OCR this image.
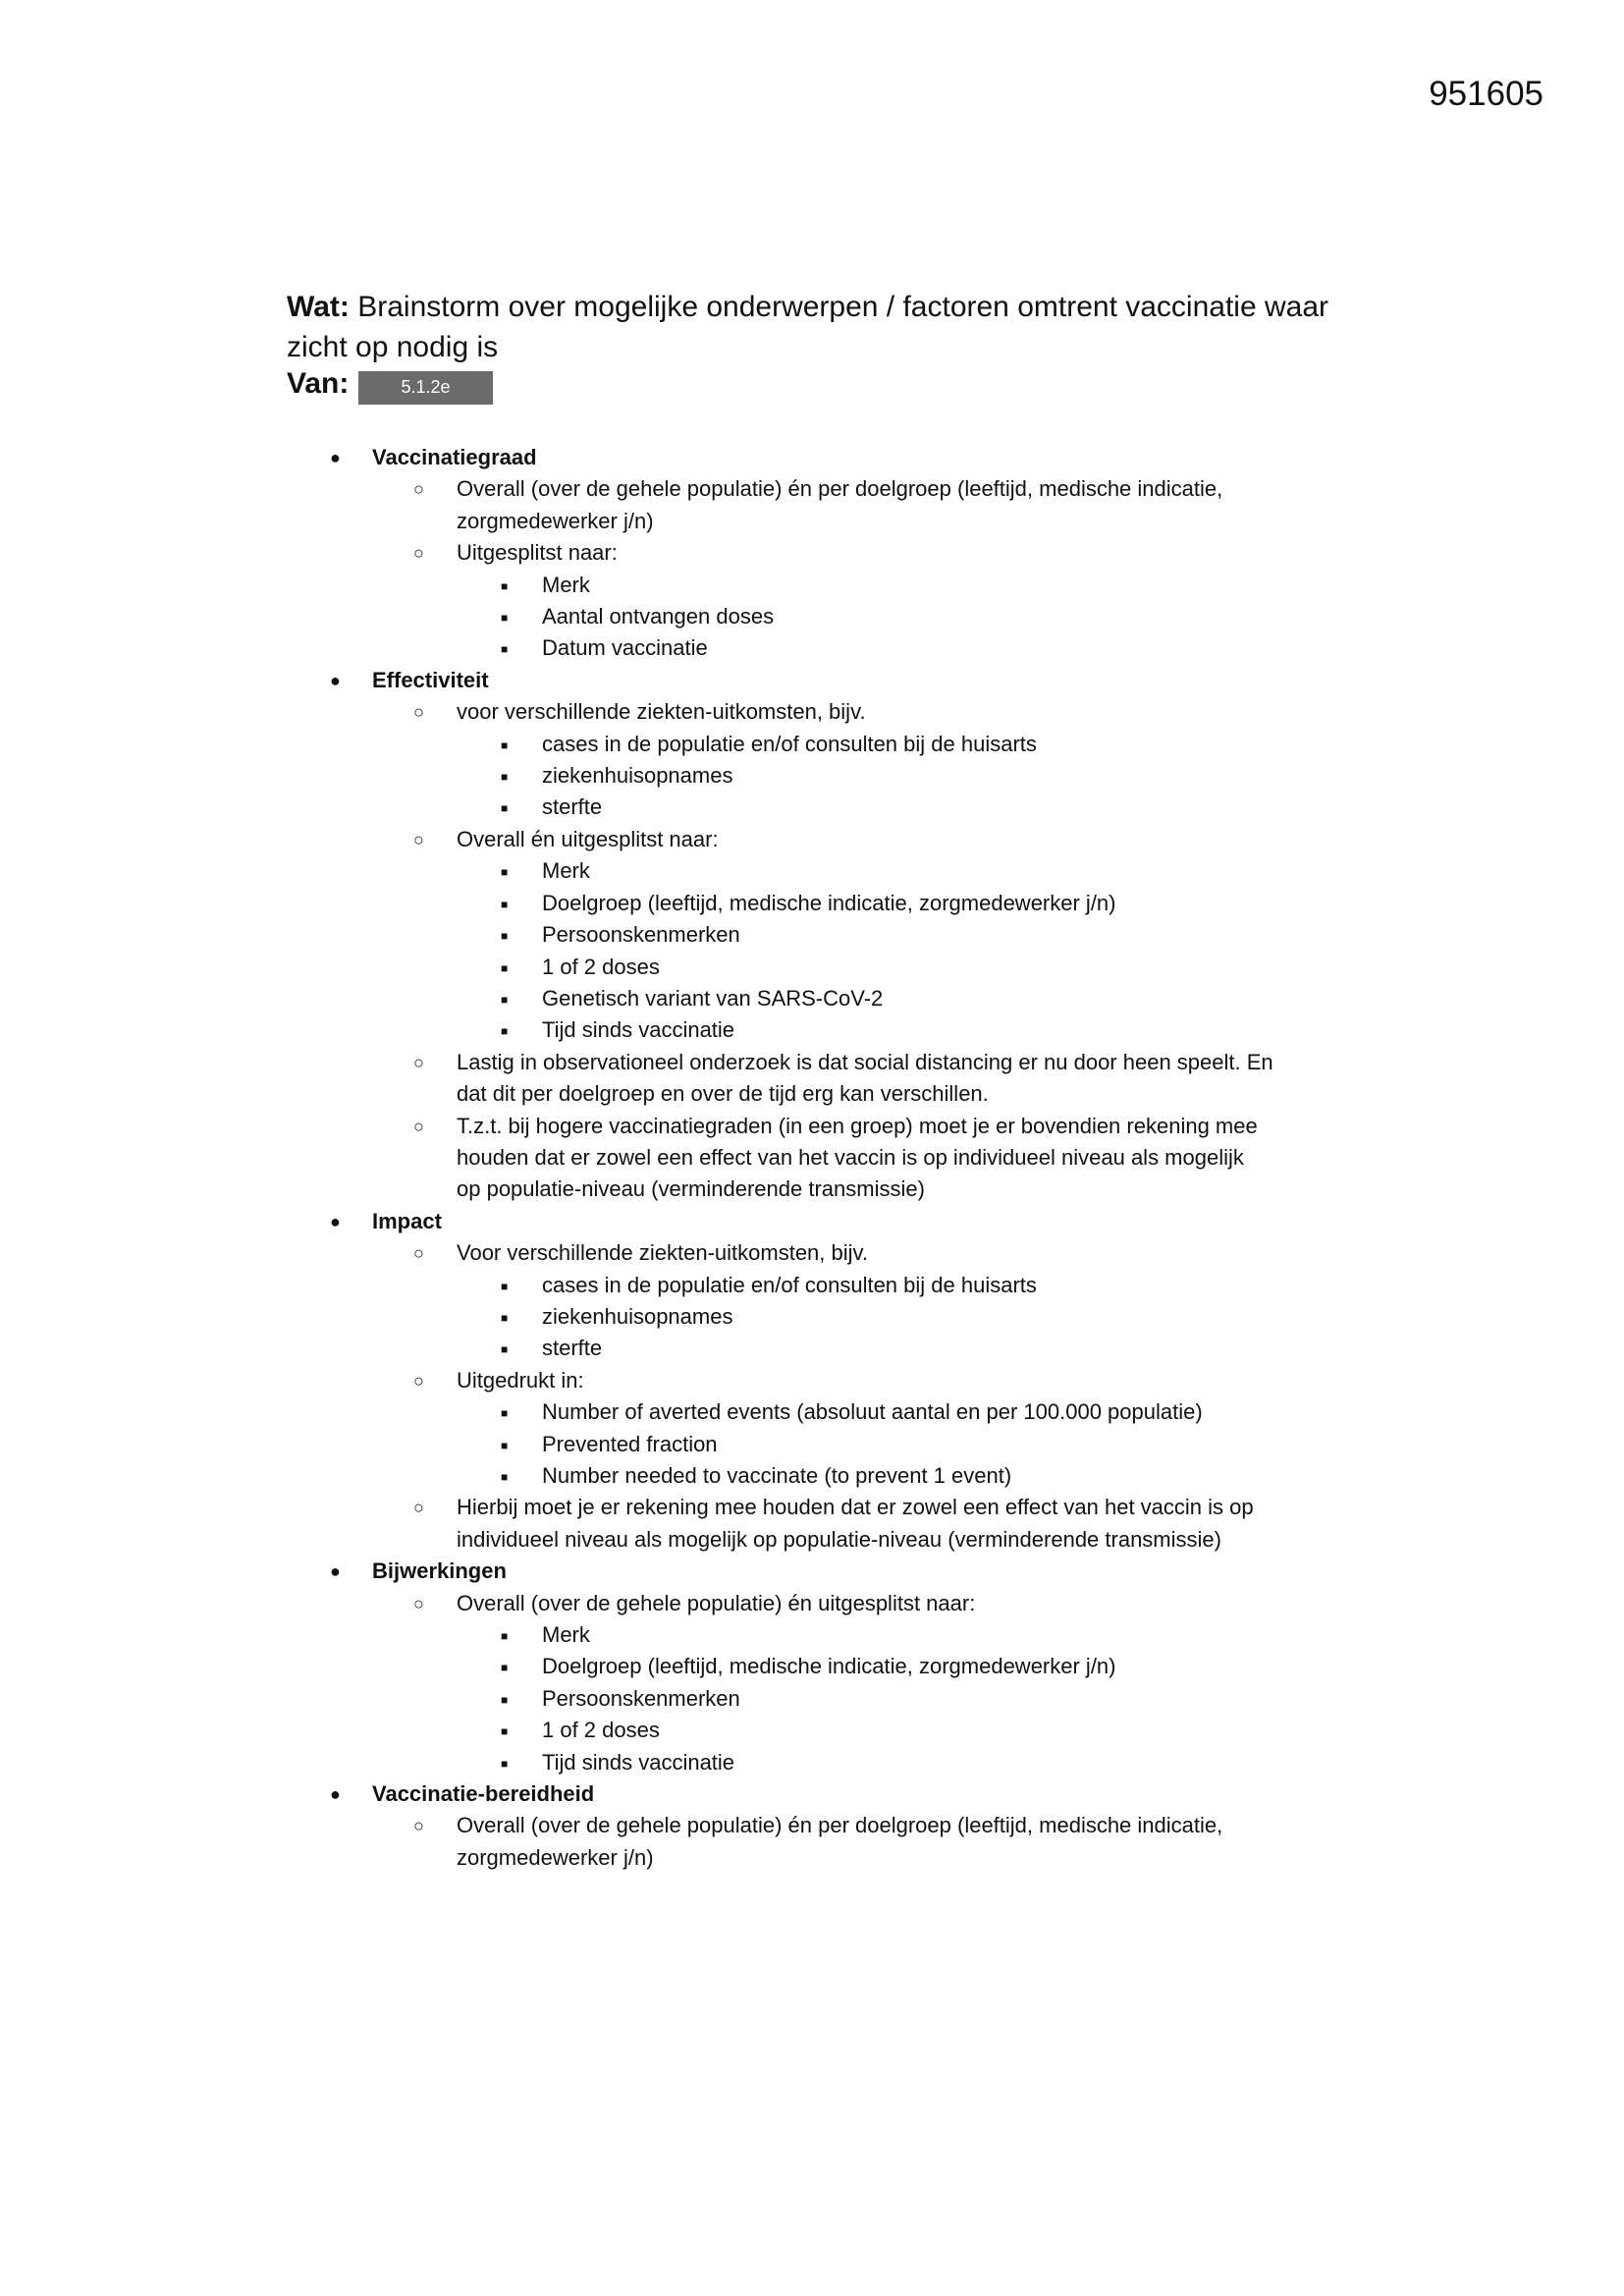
951605
Wat: Brainstorm over mogelijke onderwerpen / factoren omtrent vaccinatie waar zicht op nodig is
Van:	5.1.2e
● Vaccinatiegraad
○ Overall (over de gehele populatie) én per doelgroep (leeftijd, medische indicatie,
zorgmedewerker j/n)
○ Uitgesplitst naar:
■ Merk
■ Aantal ontvangen doses
■ Datum vaccinatie
● Effectiviteit
○ voor verschillende ziekten-uitkomsten, bijv.
■ cases in de populatie en/of consulten bij de huisarts
■ ziekenhuisopnames
■ sterfte
○ Overall én uitgesplitst naar:
■ Merk
■ Doelgroep (leeftijd, medische indicatie, zorgmedewerker j/n)
■ Persoonskenmerken
■ 1 of 2 doses
■ Genetisch variant van SARS-CoV-2
■ Tijd sinds vaccinatie
○ Lastig in observationeel onderzoek is dat social distancing er nu door heen speelt. En
dat dit per doelgroep en over de tijd erg kan verschillen.
○ T.z.t. bij hogere vaccinatiegraden (in een groep) moet je er bovendien rekening mee
houden dat er zowel een effect van het vaccin is op individueel niveau als mogelijk
op populatie-niveau (verminderende transmissie)
● Impact
○ Voor verschillende ziekten-uitkomsten, bijv.
■ cases in de populatie en/of consulten bij de huisarts
■ ziekenhuisopnames
■ sterfte
○ Uitgedrukt in:
■ Number of averted events (absoluut aantal en per 100.000 populatie)
■ Prevented fraction
■ Number needed to vaccinate (to prevent 1 event)
○ Hierbij moet je er rekening mee houden dat er zowel een effect van het vaccin is op
individueel niveau als mogelijk op populatie-niveau (verminderende transmissie)
● Bijwerkingen
○ Overall (over de gehele populatie) én uitgesplitst naar:
■ Merk
■ Doelgroep (leeftijd, medische indicatie, zorgmedewerker j/n)
■ Persoonskenmerken
■ 1 of 2 doses
■ Tijd sinds vaccinatie
● Vaccinatie-bereidheid
○ Overall (over de gehele populatie) én per doelgroep (leeftijd, medische indicatie,
zorgmedewerker j/n)
